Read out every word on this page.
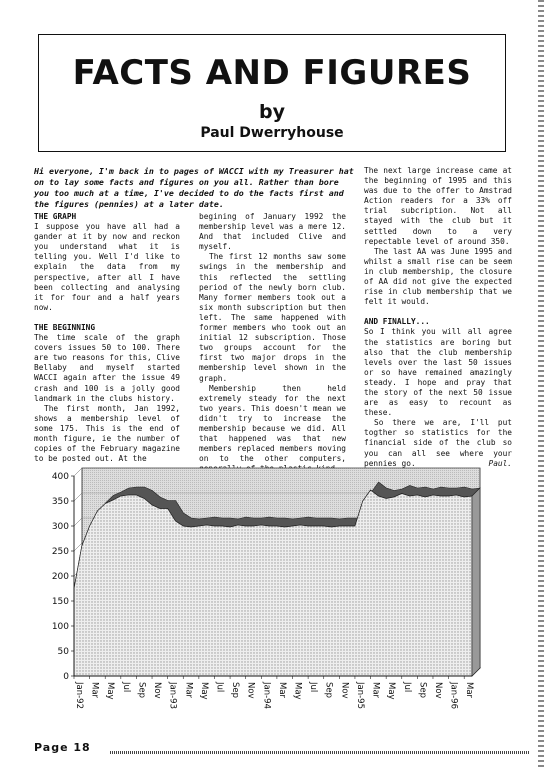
FACTS AND FIGURES
by
Paul Dwerryhouse
Hi everyone, I'm back in to pages of WACCI with my Treasurer hat on to lay some facts and figures on you all. Rather than bore you too much at a time, I've decided to do the facts first and the figures (pennies) at a later date.
THE GRAPH

I suppose you have all had a gander at it by now and reckon you understand what it is telling you. Well I'd like to explain the data from my perspective, after all I have been collecting and analysing it for four and a half years now.

THE BEGINNING

The time scale of the graph covers issues 50 to 100. There are two reasons for this, Clive Bellaby and myself started WACCI again after the issue 49 crash and 100 is a jolly good landmark in the clubs history.

The first month, Jan 1992, shows a membership level of some 175. This is the end of month figure, ie the number of copies of the February magazine to be posted out. At the

begining of January 1992 the membership level was a mere 12. And that included Clive and myself.

The first 12 months saw some swings in the membership and this reflected the settling period of the newly born club. Many former members took out a six month subscription but then left. The same happened with former members who took out an initial 12 subscription. Those two groups account for the first two major drops in the membership level shown in the graph.

Membership then held extremely steady for the next two years. This doesn't mean we didn't try to increase the membership because we did. All that happened was that new members replaced members moving on to the other computers,

The next large increase came at the beginning of 1995 and this was due to the offer to Amstrad Action readers for a 33% off trial subcription. Not all stayed with the club but it settled down to a very repectable level of around 350.

The last AA was June 1995 and whilst a small rise can be seem in club membership, the closure of AA did not give the expected rise in club membership that we felt it would.

AND FINALLY...

So I think you will all agree the statistics are boring but also that the club membership levels over the last 50 issues or so have remained amazingly steady. I hope and pray that the story of the next 50 issue are as easy to recount as these.

So there we are, I'll put togther so statistics for the financial side of the club so you can all see where your pennies go.	Paul.

0
50
100
150
200
250
300
350
400
Jan-92 Mar May Jul Sep Nov Jan-93 Mar May Jul Sep Nov Jan-94 Mar May Jul Sep Nov Jan-95 Mar May Jul Sep Nov Jan-96 Mar
Page 18
